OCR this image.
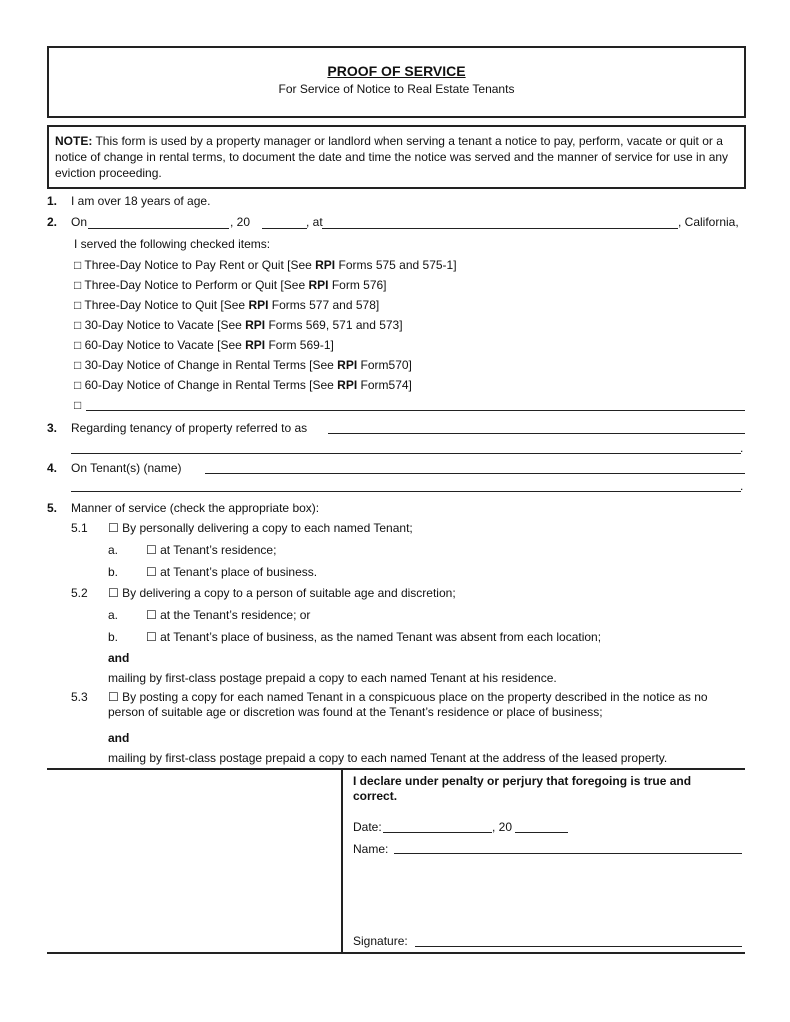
PROOF OF SERVICE
For Service of Notice to Real Estate Tenants
NOTE: This form is used by a property manager or landlord when serving a tenant a notice to pay, perform, vacate or quit or a notice of change in rental terms, to document the date and time the notice was served and the manner of service for use in any eviction proceeding.
1. I am over 18 years of age.
2. On	, 20	, at	, California,
I served the following checked items:
□ Three-Day Notice to Pay Rent or Quit [See RPI Forms 575 and 575-1]
□ Three-Day Notice to Perform or Quit [See RPI Form 576]
□ Three-Day Notice to Quit [See RPI Forms 577 and 578]
□ 30-Day Notice to Vacate [See RPI Forms 569, 571 and 573]
□ 60-Day Notice to Vacate [See RPI Form 569-1]
□ 30-Day Notice of Change in Rental Terms [See RPI Form570]
□ 60-Day Notice of Change in Rental Terms [See RPI Form574]
□
3. Regarding tenancy of property referred to as
.
4. On Tenant(s) (name)
.
5. Manner of service (check the appropriate box):
5.1 ☐ By personally delivering a copy to each named Tenant;
a. ☐ at Tenant’s residence;
b. ☐ at Tenant’s place of business.
5.2 ☐ By delivering a copy to a person of suitable age and discretion;
a. ☐ at the Tenant’s residence; or
b. ☐ at Tenant’s place of business, as the named Tenant was absent from each location;
and
mailing by first-class postage prepaid a copy to each named Tenant at his residence.
5.3 ☐ By posting a copy for each named Tenant in a conspicuous place on the property described in the notice as no
person of suitable age or discretion was found at the Tenant’s residence or place of business;
and
mailing by first-class postage prepaid a copy to each named Tenant at the address of the leased property.
I declare under penalty or perjury that foregoing is true and correct.
Date:	, 20
Name:
Signature:
